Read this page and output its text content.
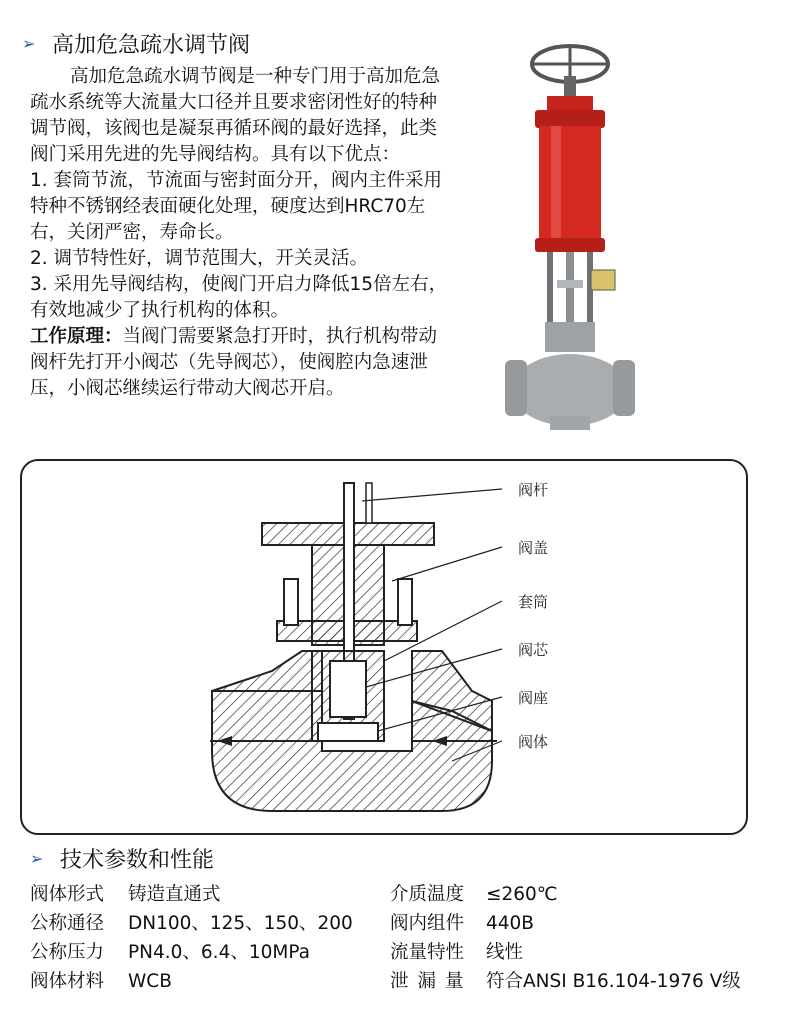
➢ 高加危急疏水调节阀

高加危急疏水调节阀是一种专门用于高加危急疏水系统等大流量大口径并且要求密闭性好的特种调节阀，该阀也是凝泵再循环阀的最好选择，此类阀门采用先进的先导阀结构。具有以下优点：

1. 套筒节流，节流面与密封面分开，阀内主件采用特种不锈钢经表面硬化处理，硬度达到HRC70左右，关闭严密，寿命长。

2. 调节特性好，调节范围大，开关灵活。

3. 采用先导阀结构，使阀门开启力降低15倍左右，有效地减少了执行机构的体积。

工作原理：当阀门需要紧急打开时，执行机构带动阀杆先打开小阀芯（先导阀芯），使阀腔内急速泄压，小阀芯继续运行带动大阀芯开启。

阀杆
阀盖
套筒
阀芯
阀座
阀体
➢ 技术参数和性能
阀体形式	铸造直通式
公称通径	DN100、125、150、200
公称压力	PN4.0、6.4、10MPa
阀体材料	WCB
介质温度	≤260℃
阀内组件	440B
流量特性	线性
泄漏量 符合ANSI B16.104-1976 V级
